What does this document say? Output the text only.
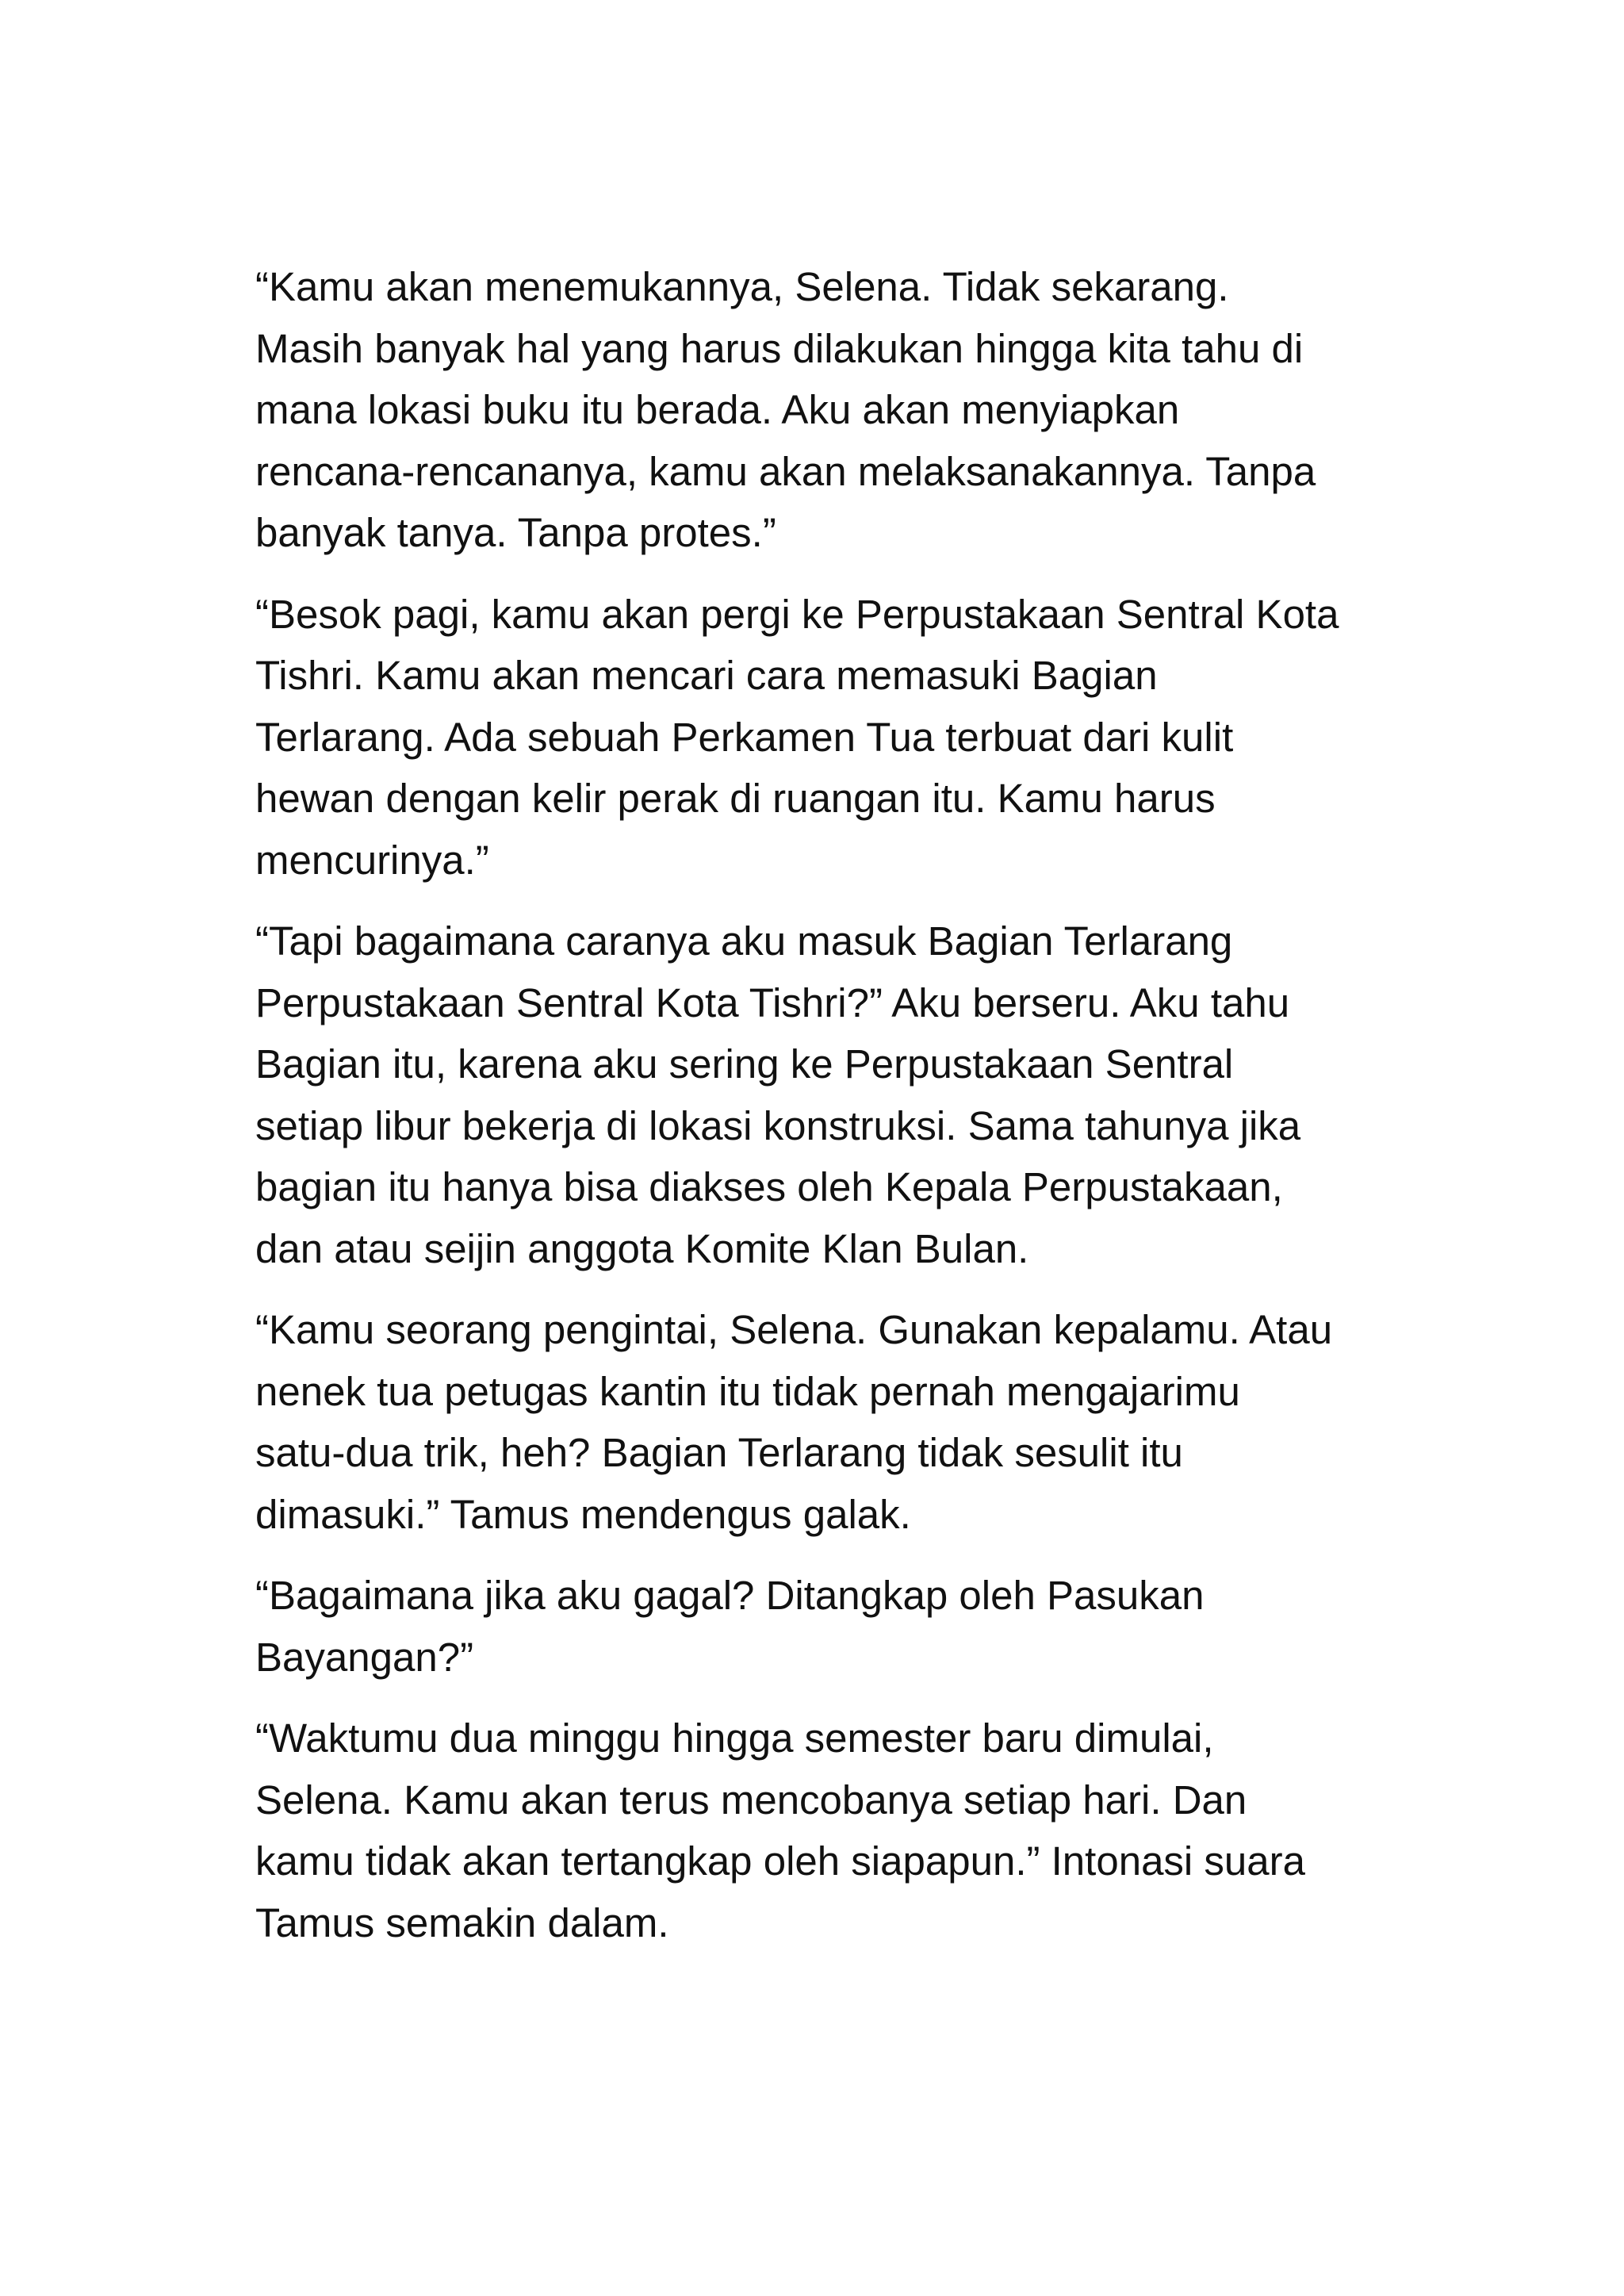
“Kamu akan menemukannya, Selena. Tidak sekarang.
Masih banyak hal yang harus dilakukan hingga kita tahu di
mana lokasi buku itu berada. Aku akan menyiapkan
rencana-rencananya, kamu akan melaksanakannya. Tanpa
banyak tanya. Tanpa protes.”

“Besok pagi, kamu akan pergi ke Perpustakaan Sentral Kota
Tishri. Kamu akan mencari cara memasuki Bagian
Terlarang. Ada sebuah Perkamen Tua terbuat dari kulit
hewan dengan kelir perak di ruangan itu. Kamu harus
mencurinya.”

“Tapi bagaimana caranya aku masuk Bagian Terlarang
Perpustakaan Sentral Kota Tishri?” Aku berseru. Aku tahu
Bagian itu, karena aku sering ke Perpustakaan Sentral
setiap libur bekerja di lokasi konstruksi. Sama tahunya jika
bagian itu hanya bisa diakses oleh Kepala Perpustakaan,
dan atau seijin anggota Komite Klan Bulan.

“Kamu seorang pengintai, Selena. Gunakan kepalamu. Atau
nenek tua petugas kantin itu tidak pernah mengajarimu
satu-dua trik, heh? Bagian Terlarang tidak sesulit itu
dimasuki.” Tamus mendengus galak.

“Bagaimana jika aku gagal? Ditangkap oleh Pasukan
Bayangan?”

“Waktumu dua minggu hingga semester baru dimulai,
Selena. Kamu akan terus mencobanya setiap hari. Dan
kamu tidak akan tertangkap oleh siapapun.” Intonasi suara
Tamus semakin dalam.
